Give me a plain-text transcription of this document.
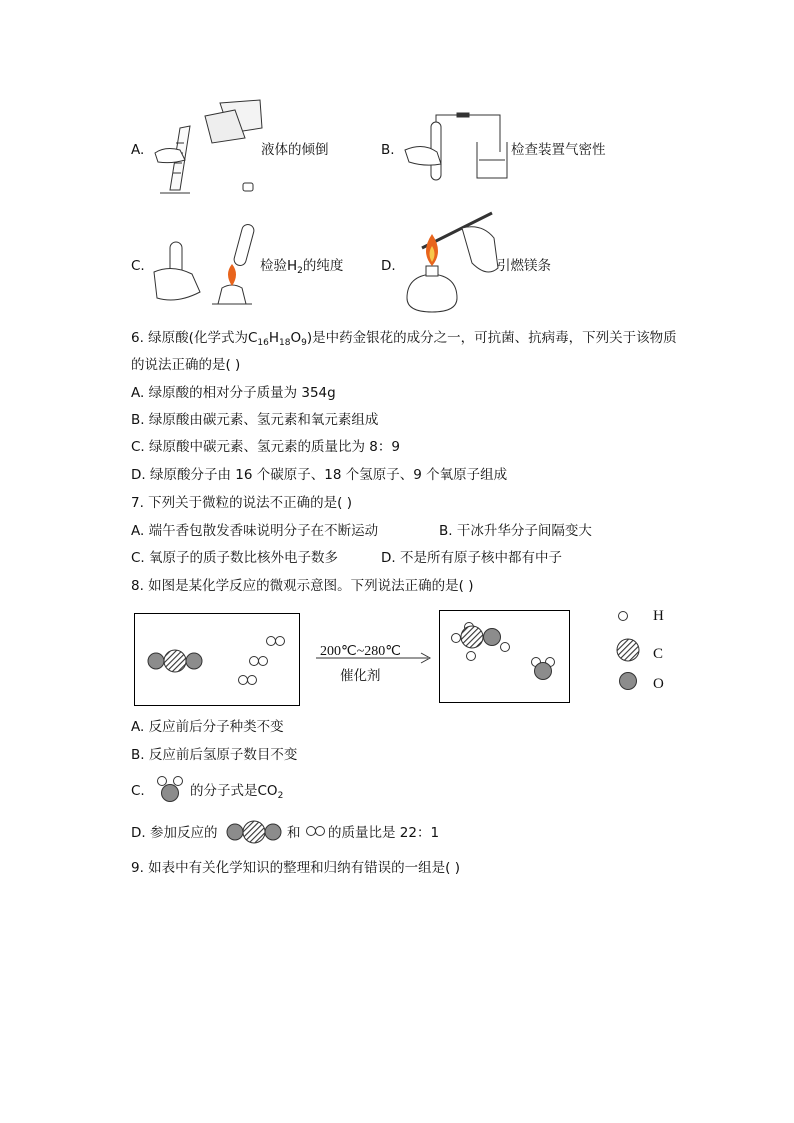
A.	液体的倾倒	B.	检查装置气密性
C.	检验$H_2$的纯度	D.	引燃镁条
6. 绿原酸(化学式为$C_{16}H_{18}O_9$)是中药金银花的成分之一，可抗菌、抗病毒，下列关于该物质
的说法正确的是( )
A. 绿原酸的相对分子质量为 354g
B. 绿原酸由碳元素、氢元素和氧元素组成
C. 绿原酸中碳元素、氢元素的质量比为 8：9
D. 绿原酸分子由 16 个碳原子、18 个氢原子、9 个氧原子组成
7. 下列关于微粒的说法不正确的是( )
A. 端午香包散发香味说明分子在不断运动	B. 干冰升华分子间隔变大
C. 氧原子的质子数比核外电子数多	D. 不是所有原子核中都有中子
8. 如图是某化学反应的微观示意图。下列说法正确的是( )
200℃~280℃
催化剂
H
C
O
A. 反应前后分子种类不变
B. 反应前后氢原子数目不变
C.	的分子式是$CO_2$
D. 参加反应的	和 的质量比是 22：1
9. 如表中有关化学知识的整理和归纳有错误的一组是( )
